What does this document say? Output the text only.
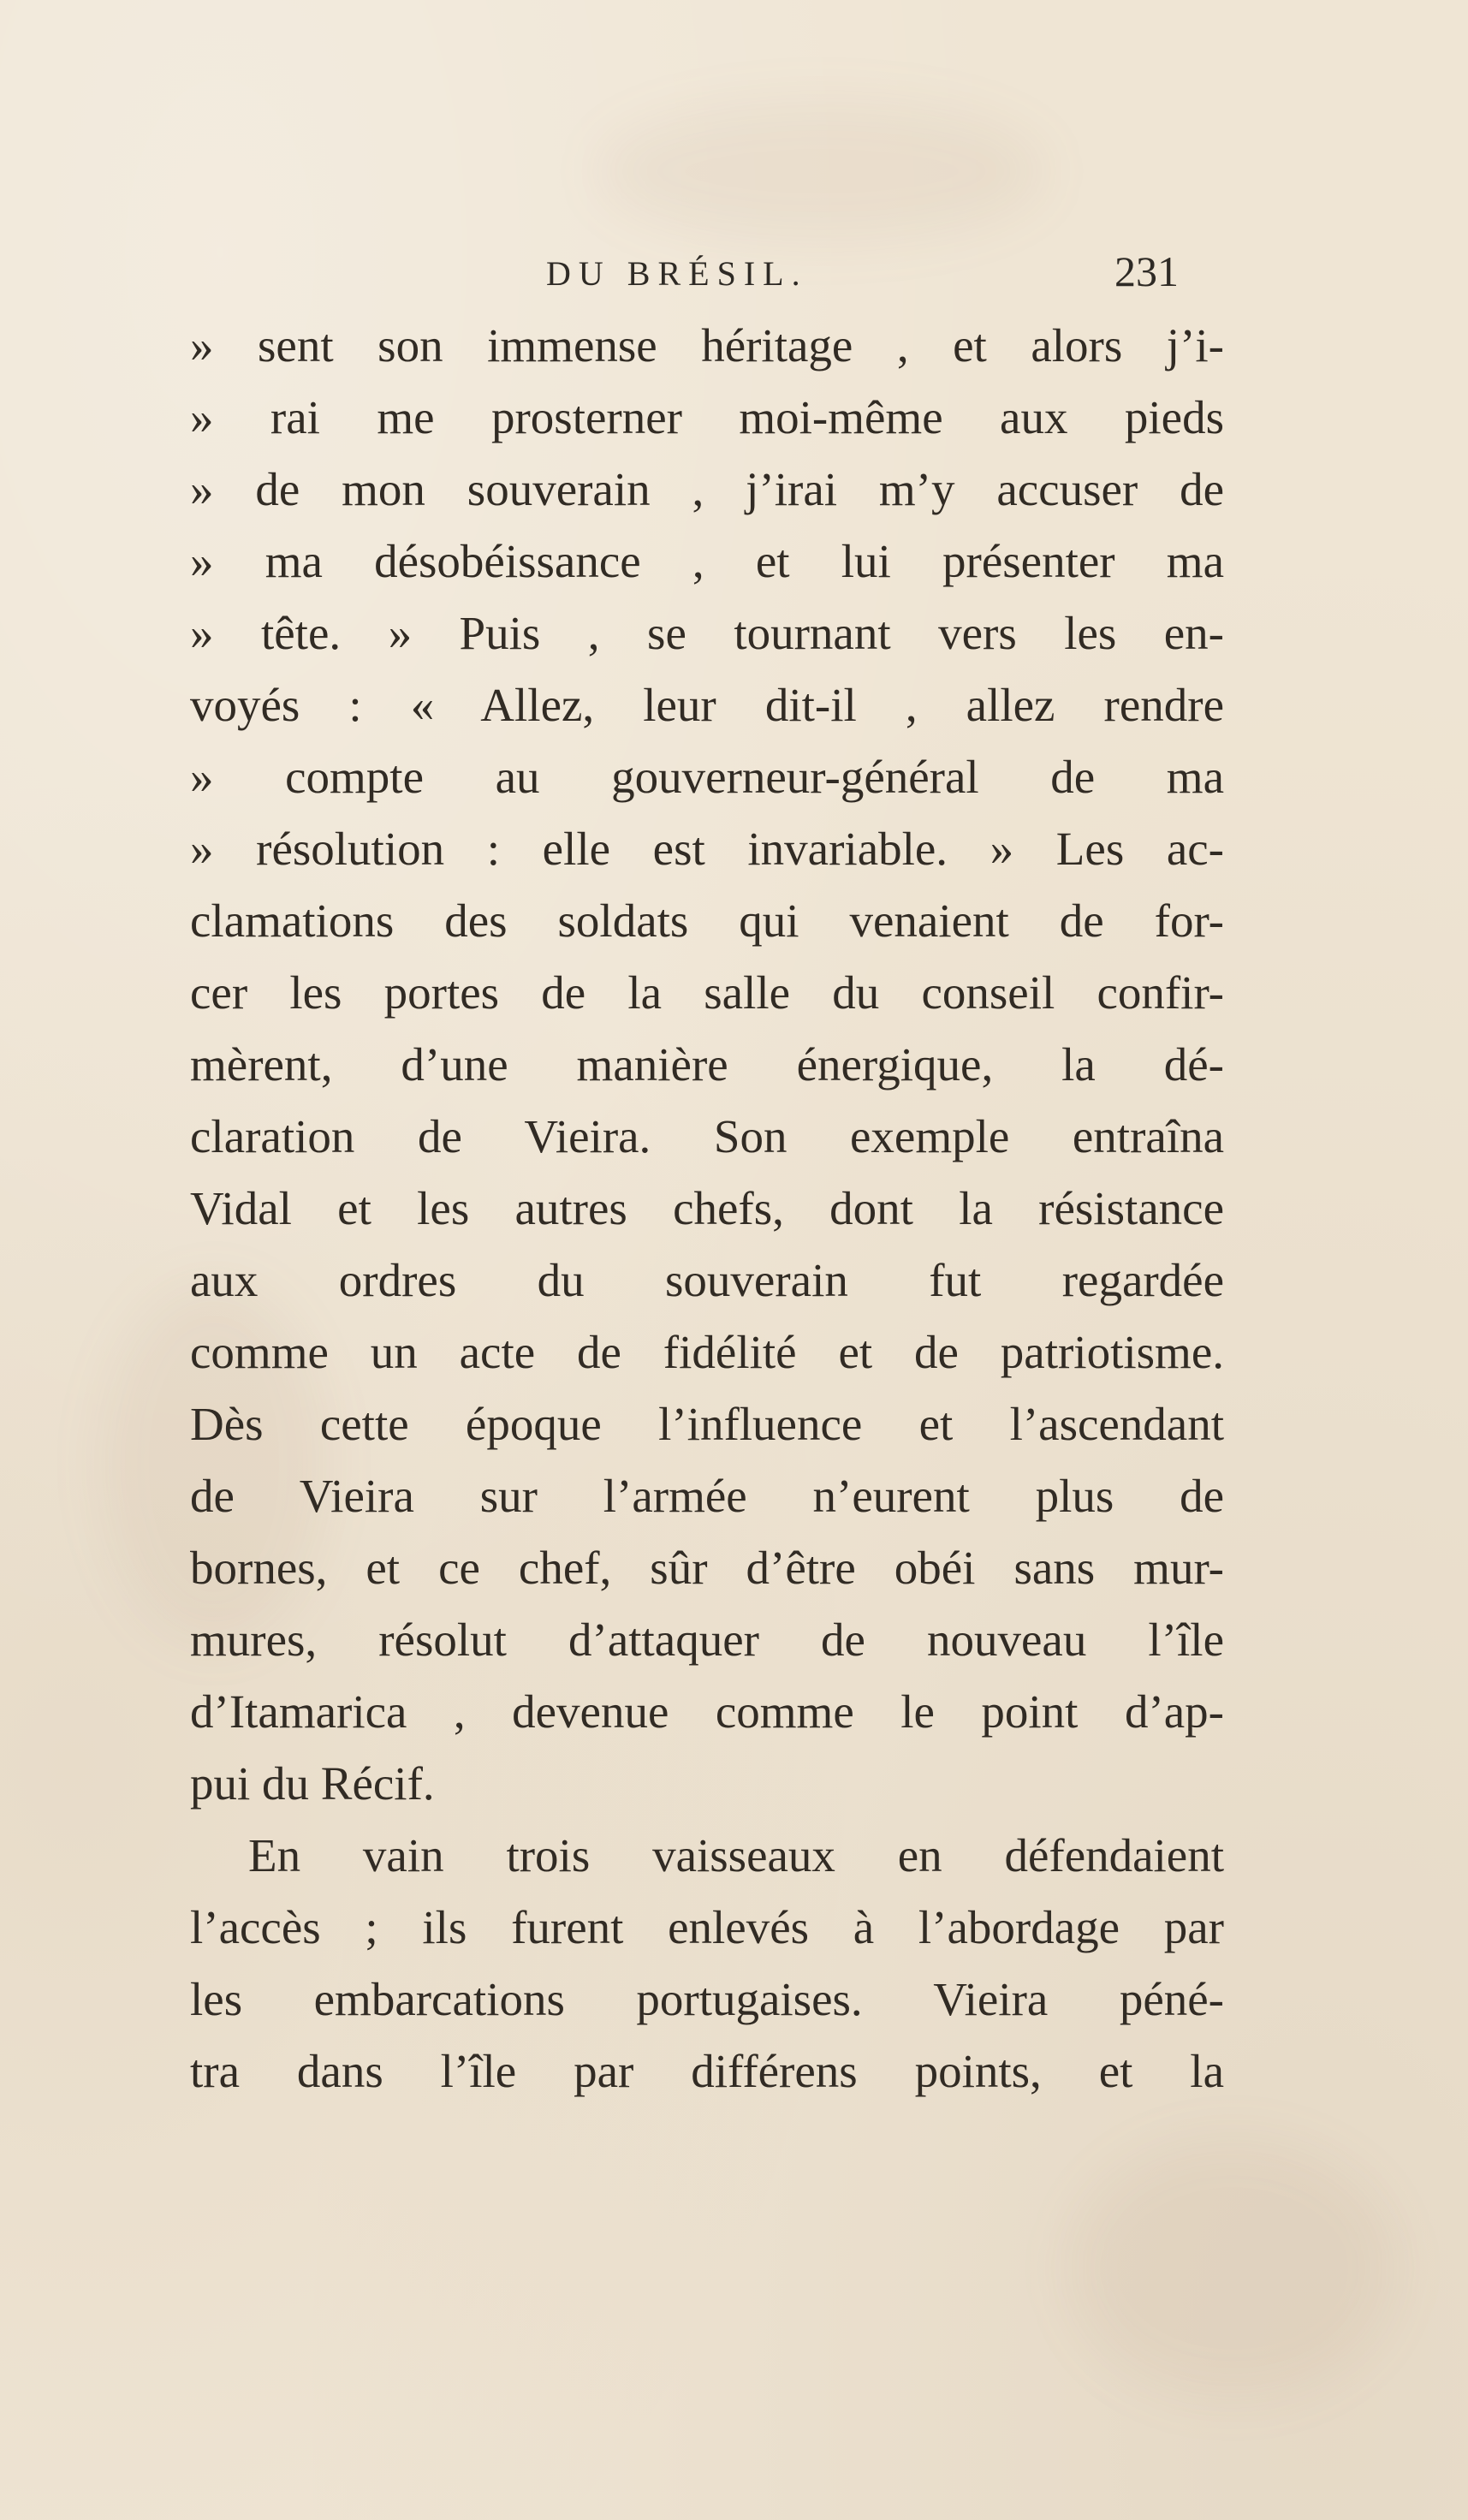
DU BRÉSIL.	231
» sent son immense héritage , et alors j’i-
» rai me prosterner moi-même aux pieds
» de mon souverain , j’irai m’y accuser de
» ma désobéissance , et lui présenter ma
» tête. » Puis , se tournant vers les en-
voyés : « Allez, leur dit-il , allez rendre
» compte au gouverneur-général de ma
» résolution : elle est invariable. » Les ac-
clamations des soldats qui venaient de for-
cer les portes de la salle du conseil confir-
mèrent, d’une manière énergique, la dé-
claration de Vieira. Son exemple entraîna
Vidal et les autres chefs, dont la résistance
aux ordres du souverain fut regardée
comme un acte de fidélité et de patriotisme.
Dès cette époque l’influence et l’ascendant
de Vieira sur l’armée n’eurent plus de
bornes, et ce chef, sûr d’être obéi sans mur-
mures, résolut d’attaquer de nouveau l’île
d’Itamarica , devenue comme le point d’ap-
pui du Récif.
En vain trois vaisseaux en défendaient
l’accès ; ils furent enlevés à l’abordage par
les embarcations portugaises. Vieira péné-
tra dans l’île par différens points, et la
